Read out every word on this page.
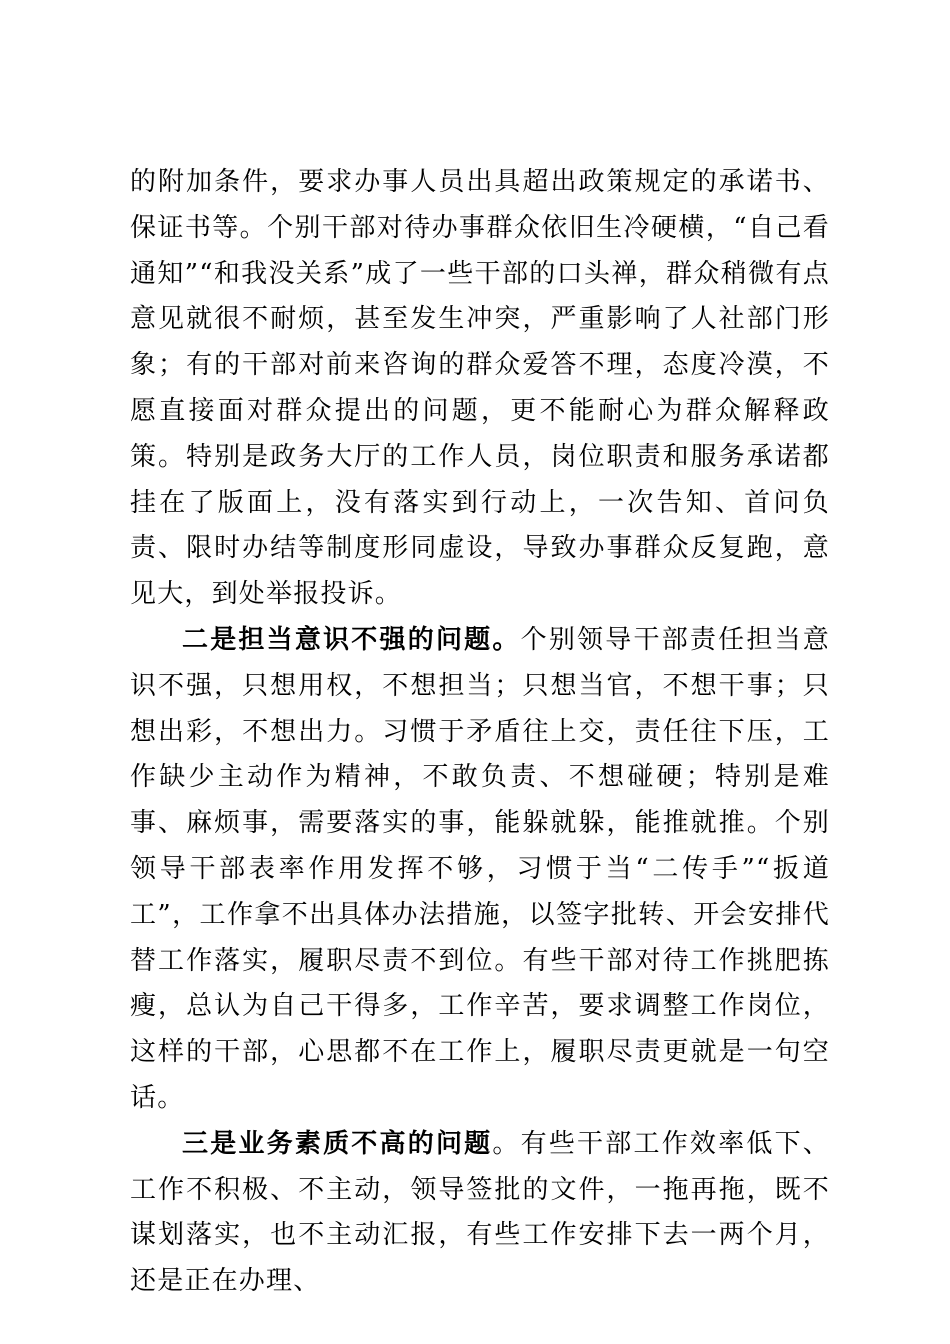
的附加条件，要求办事人员出具超出政策规定的承诺书、保证书等。个别干部对待办事群众依旧生冷硬横，“自己看通知”“和我没关系”成了一些干部的口头禅，群众稍微有点意见就很不耐烦，甚至发生冲突，严重影响了人社部门形象；有的干部对前来咨询的群众爱答不理，态度冷漠，不愿直接面对群众提出的问题，更不能耐心为群众解释政策。特别是政务大厅的工作人员，岗位职责和服务承诺都挂在了版面上，没有落实到行动上，一次告知、首问负责、限时办结等制度形同虚设，导致办事群众反复跑，意见大，到处举报投诉。

二是担当意识不强的问题。个别领导干部责任担当意识不强，只想用权，不想担当；只想当官，不想干事；只想出彩，不想出力。习惯于矛盾往上交，责任往下压，工作缺少主动作为精神，不敢负责、不想碰硬；特别是难事、麻烦事，需要落实的事，能躲就躲，能推就推。个别领导干部表率作用发挥不够，习惯于当“二传手”“扳道工”，工作拿不出具体办法措施，以签字批转、开会安排代替工作落实，履职尽责不到位。有些干部对待工作挑肥拣瘦，总认为自己干得多，工作辛苦，要求调整工作岗位，这样的干部，心思都不在工作上，履职尽责更就是一句空话。

三是业务素质不高的问题。有些干部工作效率低下、工作不积极、不主动，领导签批的文件，一拖再拖，既不谋划落实，也不主动汇报，有些工作安排下去一两个月，还是正在办理、
